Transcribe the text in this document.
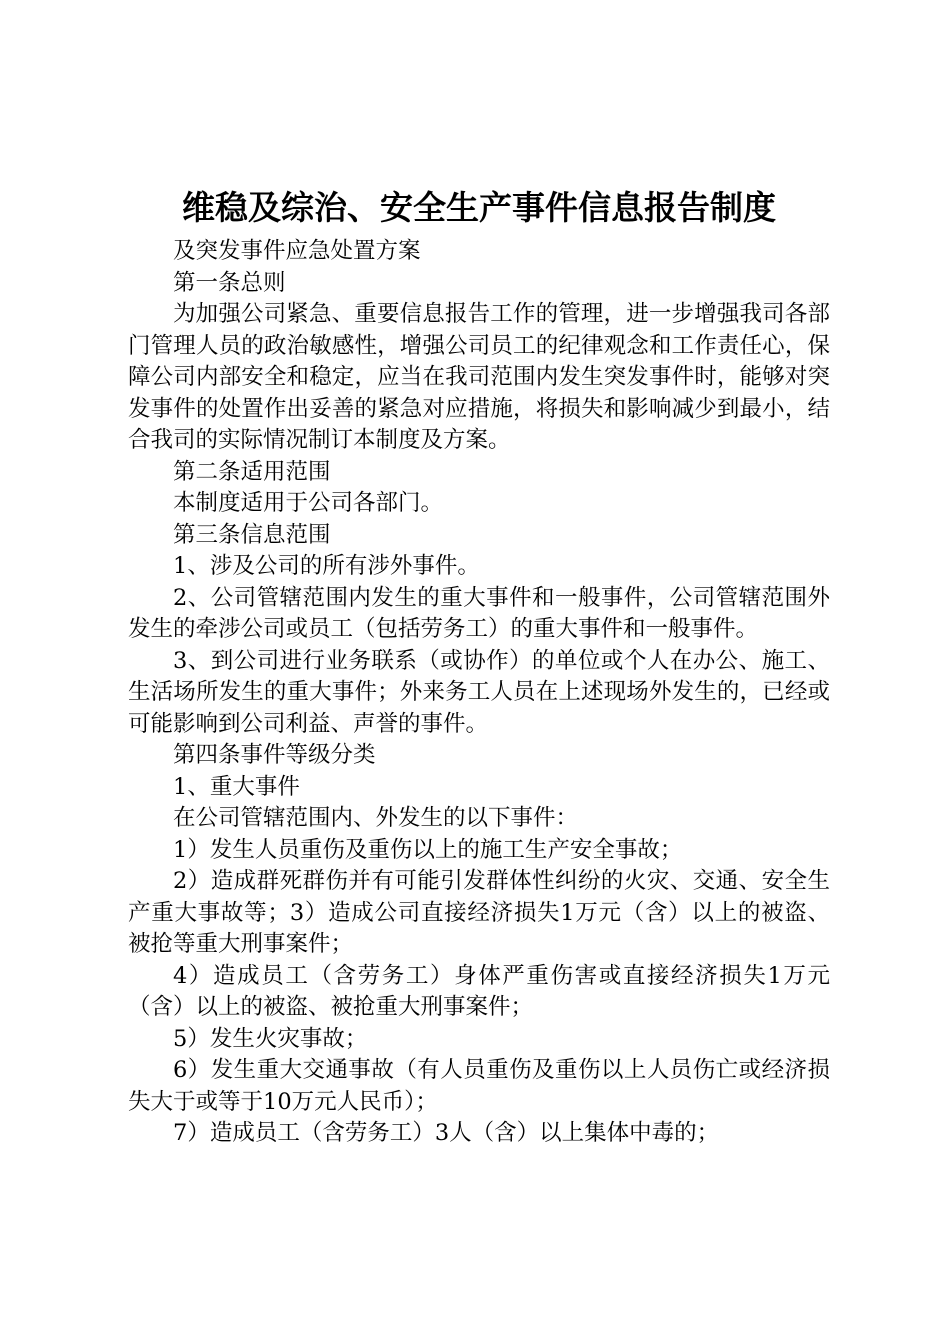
维稳及综治、安全生产事件信息报告制度

及突发事件应急处置方案

第一条总则

为加强公司紧急、重要信息报告工作的管理，进一步增强我司各部门管理人员的政治敏感性，增强公司员工的纪律观念和工作责任心，保障公司内部安全和稳定，应当在我司范围内发生突发事件时，能够对突发事件的处置作出妥善的紧急对应措施，将损失和影响减少到最小，结合我司的实际情况制订本制度及方案。

第二条适用范围

本制度适用于公司各部门。

第三条信息范围

1、涉及公司的所有涉外事件。

2、公司管辖范围内发生的重大事件和一般事件，公司管辖范围外发生的牵涉公司或员工（包括劳务工）的重大事件和一般事件。

3、到公司进行业务联系（或协作）的单位或个人在办公、施工、生活场所发生的重大事件；外来务工人员在上述现场外发生的，已经或可能影响到公司利益、声誉的事件。

第四条事件等级分类

1、重大事件

在公司管辖范围内、外发生的以下事件：

1）发生人员重伤及重伤以上的施工生产安全事故；

2）造成群死群伤并有可能引发群体性纠纷的火灾、交通、安全生产重大事故等；3）造成公司直接经济损失1万元（含）以上的被盗、被抢等重大刑事案件；

4）造成员工（含劳务工）身体严重伤害或直接经济损失1万元（含）以上的被盗、被抢重大刑事案件；

5）发生火灾事故；

6）发生重大交通事故（有人员重伤及重伤以上人员伤亡或经济损失大于或等于10万元人民币）；

7）造成员工（含劳务工）3人（含）以上集体中毒的；
